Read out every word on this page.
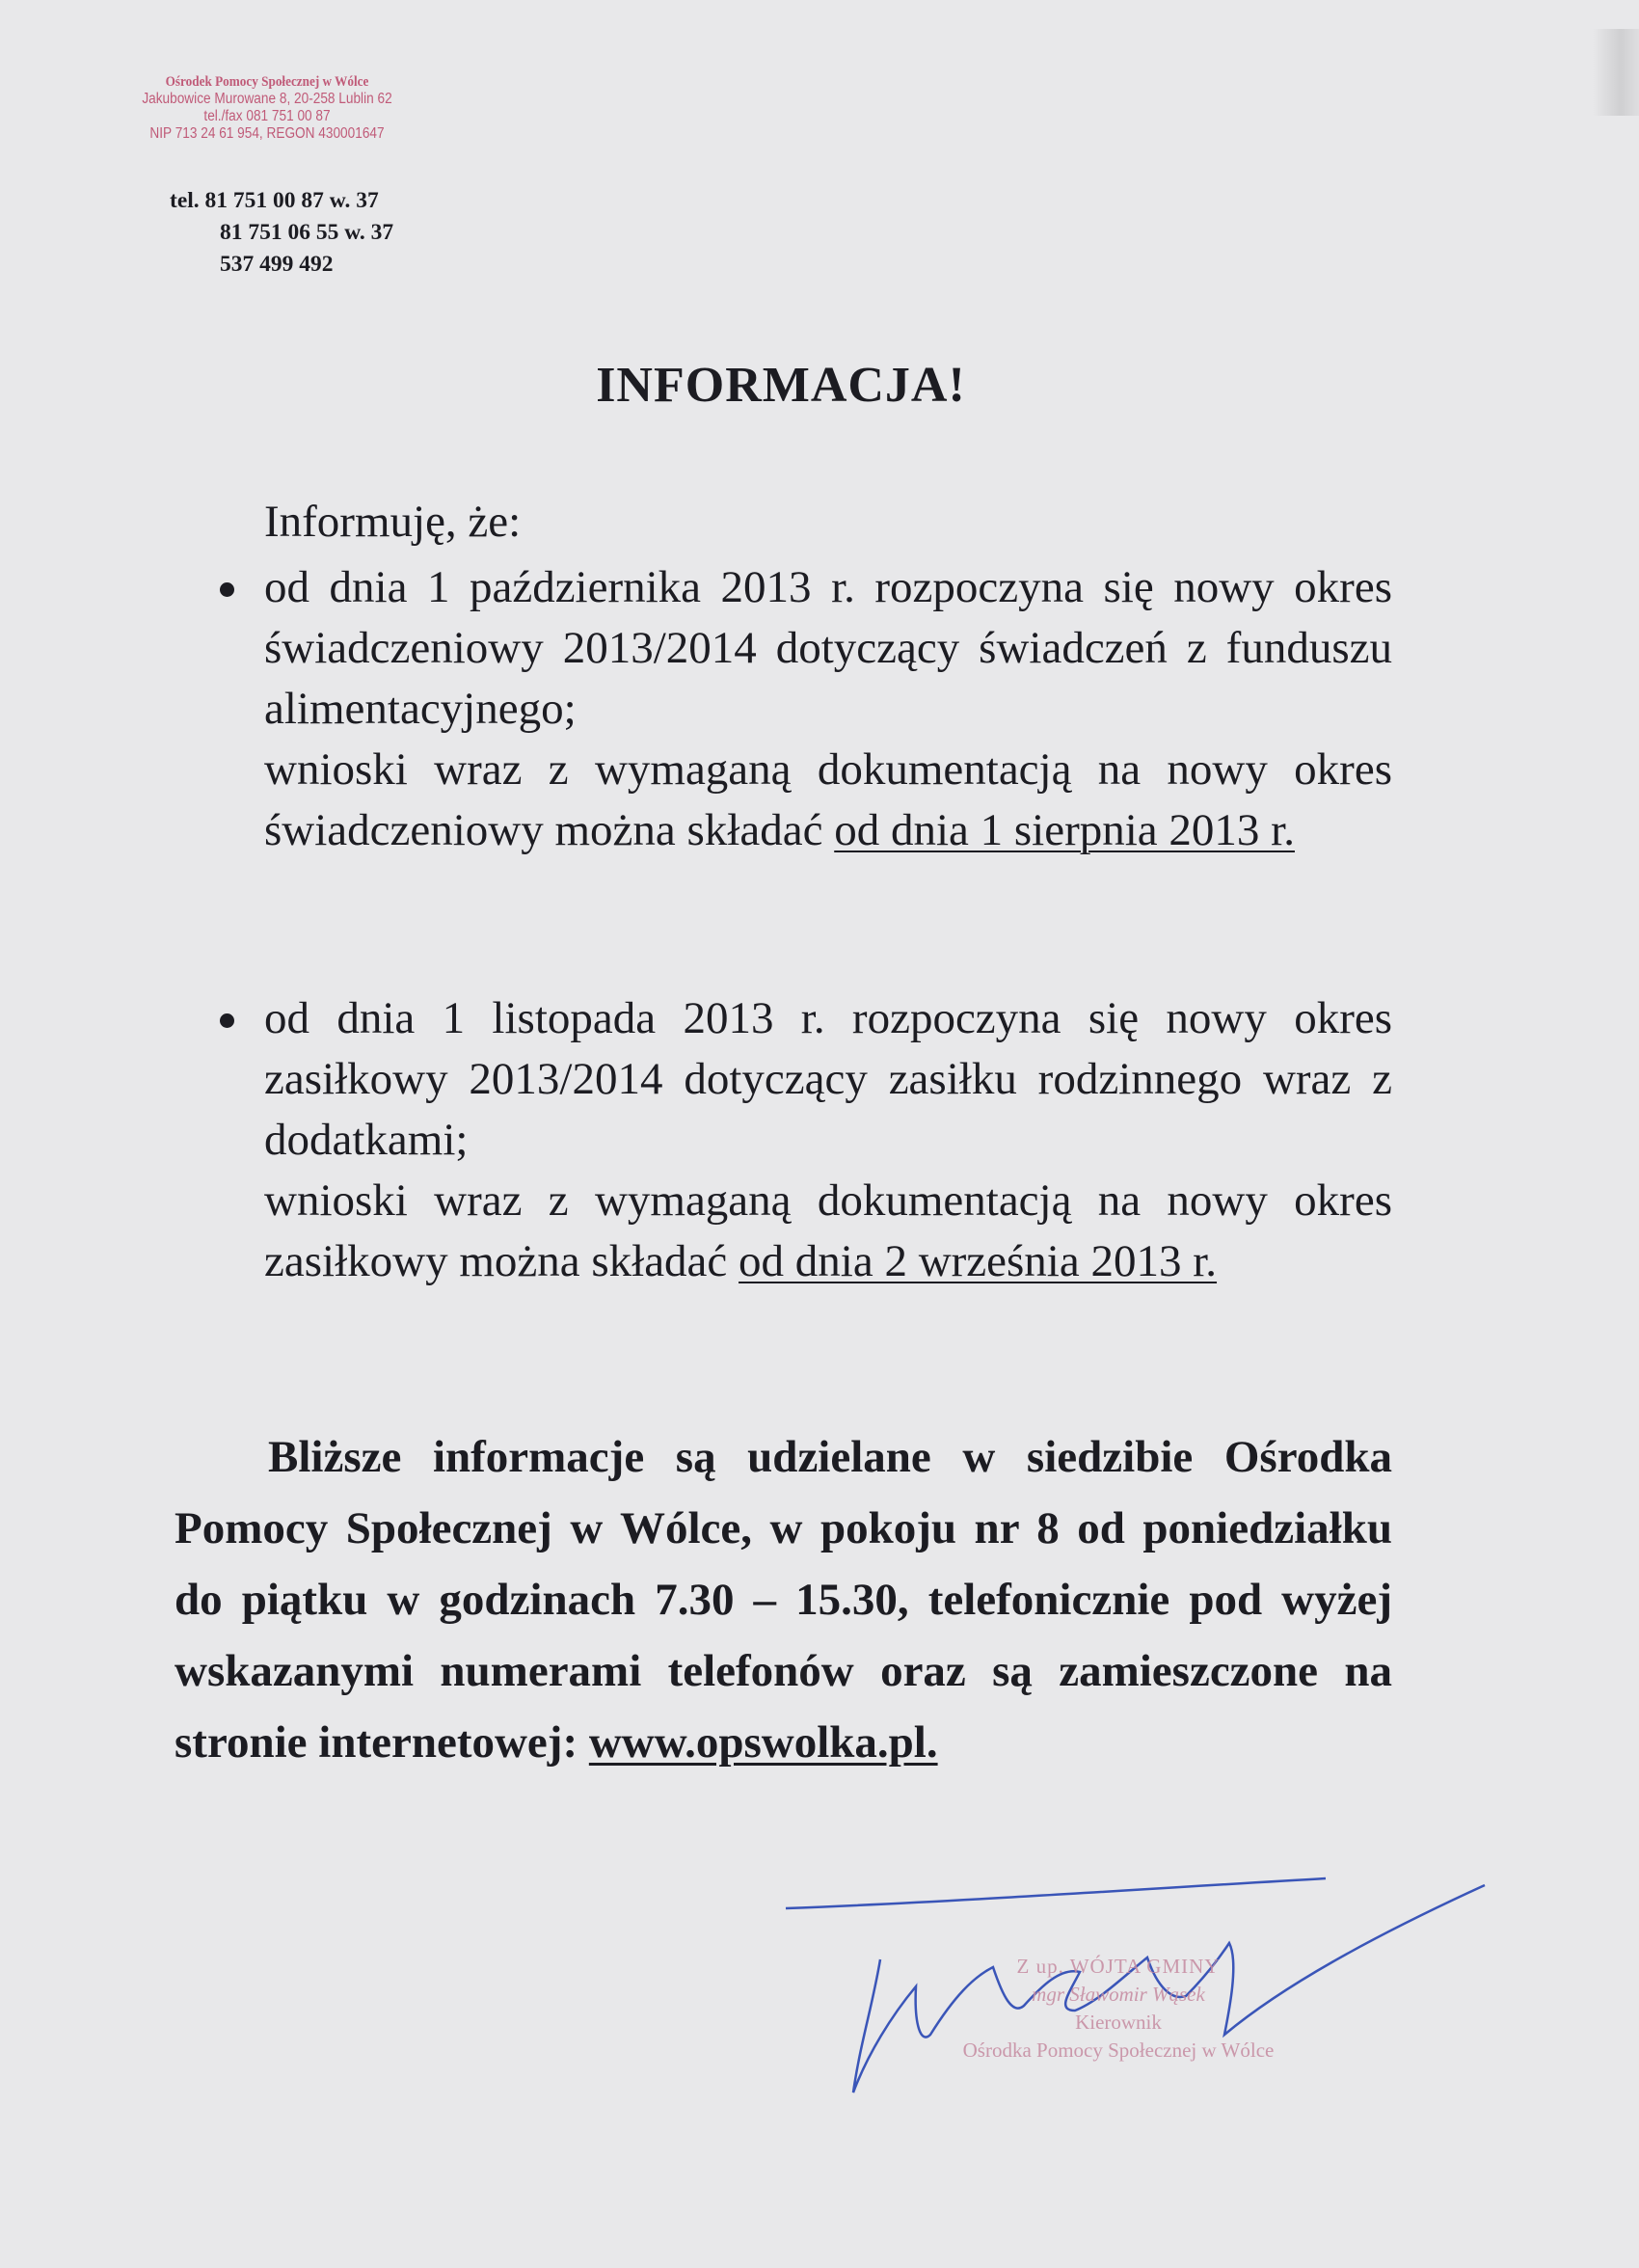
Ośrodek Pomocy Społecznej w Wólce
Jakubowice Murowane 8, 20-258 Lublin 62
tel./fax 081 751 00 87
NIP 713 24 61 954, REGON 430001647
tel. 81 751 00 87 w. 37
81 751 06 55 w. 37
537 499 492
INFORMACJA!
Informuję, że:

od dnia 1 października 2013 r. rozpoczyna się nowy okres świadczeniowy 2013/2014 dotyczący świadczeń z funduszu alimentacyjnego;

wnioski wraz z wymaganą dokumentacją na nowy okres świadczeniowy można składać od dnia 1 sierpnia 2013 r.

od dnia 1 listopada 2013 r. rozpoczyna się nowy okres zasiłkowy 2013/2014 dotyczący zasiłku rodzinnego wraz z dodatkami;

wnioski wraz z wymaganą dokumentacją na nowy okres zasiłkowy można składać od dnia 2 września 2013 r.

Bliższe informacje są udzielane w siedzibie Ośrodka Pomocy Społecznej w Wólce, w pokoju nr 8 od poniedziałku do piątku w godzinach 7.30 – 15.30, telefonicznie pod wyżej wskazanymi numerami telefonów oraz są zamieszczone na stronie internetowej: www.opswolka.pl.
Z up. WÓJTA GMINY
mgr Sławomir Wąsek
Kierownik
Ośrodka Pomocy Społecznej w Wólce
